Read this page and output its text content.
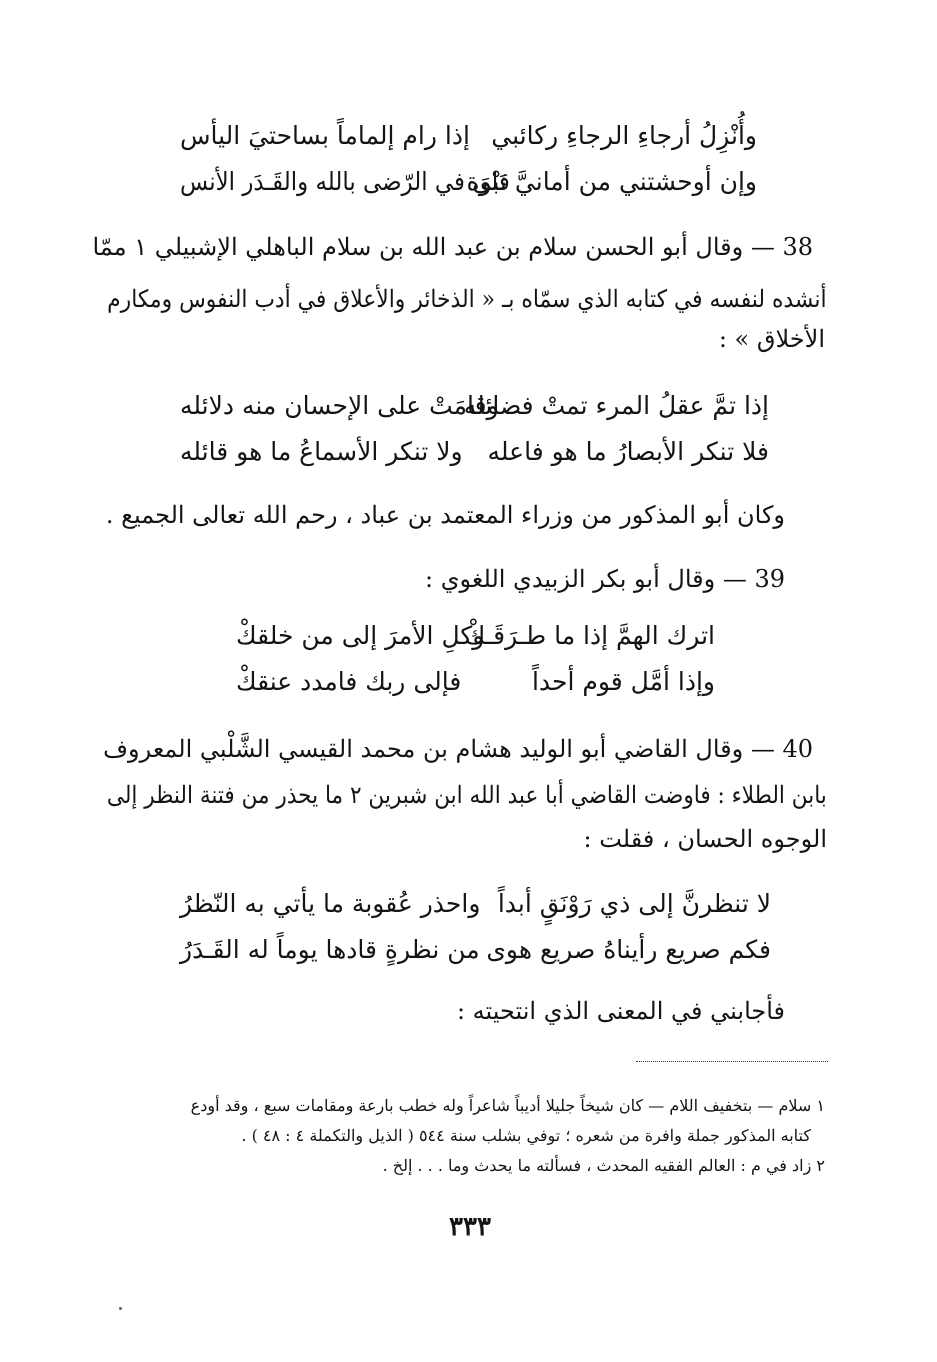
وأُنْزِلُ أرجاءِ الرجاءِ ركائبي
إذا رام إلماماً بساحتيَ اليأس
وإن أوحشتني من أمانيَّ نَبْوَة
فلي في الرّضى بالله والقَـدَر الأنس
38 — وقال أبو الحسن سلام بن عبد الله بن سلام الباهلي الإشبيلي ١ ممّا
أنشده لنفسه في كتابه الذي سمّاه بـ « الذخائر والأعلاق في أدب النفوس ومكارم
الأخلاق » :
إذا تمَّ عقلُ المرء تمتْ فضائله
وقامَتْ على الإحسان منه دلائله
فلا تنكر الأبصارُ ما هو فاعله
ولا تنكر الأسماعُ ما هو قائله
وكان أبو المذكور من وزراء المعتمد بن عباد ، رحم الله تعالى الجميع .
39 — وقال أبو بكر الزبيدي اللغوي :
اترك الهمَّ إذا ما طـرَقَـكْ
وكلِ الأمرَ إلى من خلقكْ
وإذا أمَّل قوم أحداً
فإلى ربك فامدد عنقكْ
40 — وقال القاضي أبو الوليد هشام بن محمد القيسي الشَّلْبي المعروف
بابن الطلاء : فاوضت القاضي أبا عبد الله ابن شبرين ٢ ما يحذر من فتنة النظر إلى
الوجوه الحسان ، فقلت :
لا تنظرنَّ إلى ذي رَوْنَقٍ أبداً
واحذر عُقوبة ما يأتي به النّظرُ
فكم صريع رأيناهُ صريع هوى
من نظرةٍ قادها يوماً له القَـدَرُ
فأجابني في المعنى الذي انتحيته :
١ سلام — بتخفيف اللام — كان شيخاً جليلا أديباً شاعراً وله خطب بارعة ومقامات سبع ، وقد أودع
كتابه المذكور جملة وافرة من شعره ؛ توفي بشلب سنة ٥٤٤ ( الذيل والتكملة ٤ : ٤٨ ) .
٢ زاد في م : العالم الفقيه المحدث ، فسألته ما يحدث وما . . . إلخ .
٣٣٣
